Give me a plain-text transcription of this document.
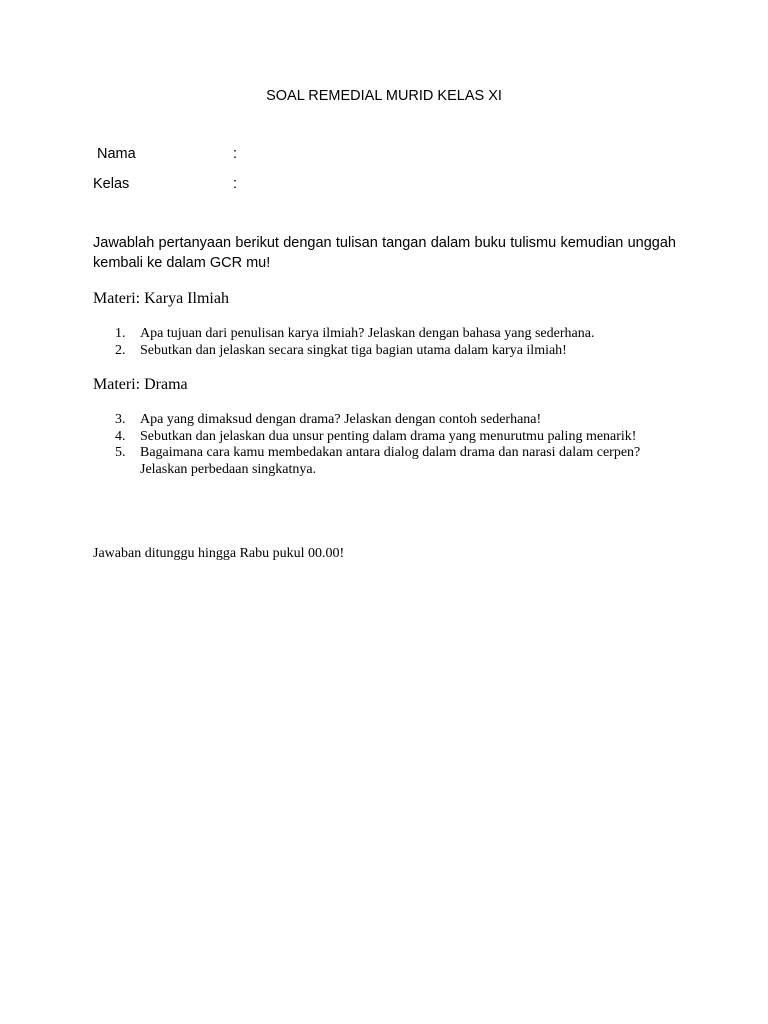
SOAL REMEDIAL MURID KELAS XI
Nama	:
Kelas	:
Jawablah pertanyaan berikut dengan tulisan tangan dalam buku tulismu kemudian unggah kembali ke dalam GCR mu!
Materi: Karya Ilmiah
1. Apa tujuan dari penulisan karya ilmiah? Jelaskan dengan bahasa yang sederhana.
2. Sebutkan dan jelaskan secara singkat tiga bagian utama dalam karya ilmiah!
Materi: Drama
3. Apa yang dimaksud dengan drama? Jelaskan dengan contoh sederhana!
4. Sebutkan dan jelaskan dua unsur penting dalam drama yang menurutmu paling menarik!
5. Bagaimana cara kamu membedakan antara dialog dalam drama dan narasi dalam cerpen? Jelaskan perbedaan singkatnya.
Jawaban ditunggu hingga Rabu pukul 00.00!
